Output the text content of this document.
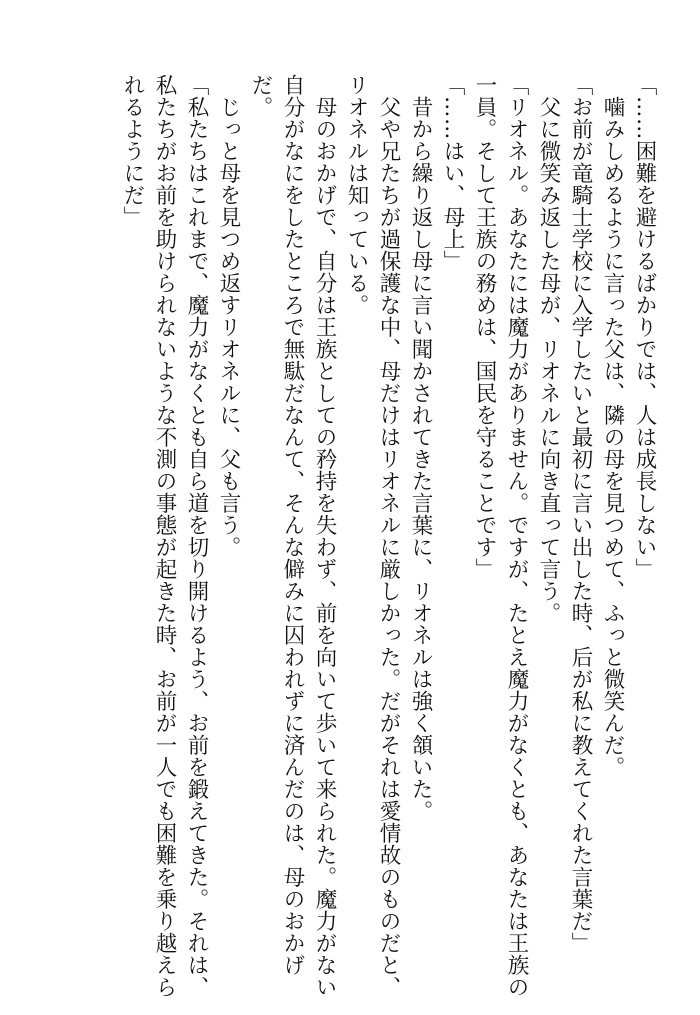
「……困難を避けるばかりでは、人は成長しない」

　噛みしめるように言った父は、隣の母を見つめて、ふっと微笑んだ。

「お前が竜騎士学校に入学したいと最初に言い出した時、后が私に教えてくれた言葉だ」

　父に微笑み返した母が、リオネルに向き直って言う。

「リオネル。あなたには魔力がありません。ですが、たとえ魔力がなくとも、あなたは王族の

一員。そして王族の務めは、国民を守ることです」

「……はい、母上」

　昔から繰り返し母に言い聞かされてきた言葉に、リオネルは強く頷いた。

　父や兄たちが過保護な中、母だけはリオネルに厳しかった。だがそれは愛情故のものだと、

リオネルは知っている。

　母のおかげで、自分は王族としての矜持を失わず、前を向いて歩いて来られた。魔力がない

自分がなにをしたところで無駄だなんて、そんな僻みに囚われずに済んだのは、母のおかげ

だ。

　じっと母を見つめ返すリオネルに、父も言う。

「私たちはこれまで、魔力がなくとも自ら道を切り開けるよう、お前を鍛えてきた。それは、

私たちがお前を助けられないような不測の事態が起きた時、お前が一人でも困難を乗り越えら

れるようにだ」
